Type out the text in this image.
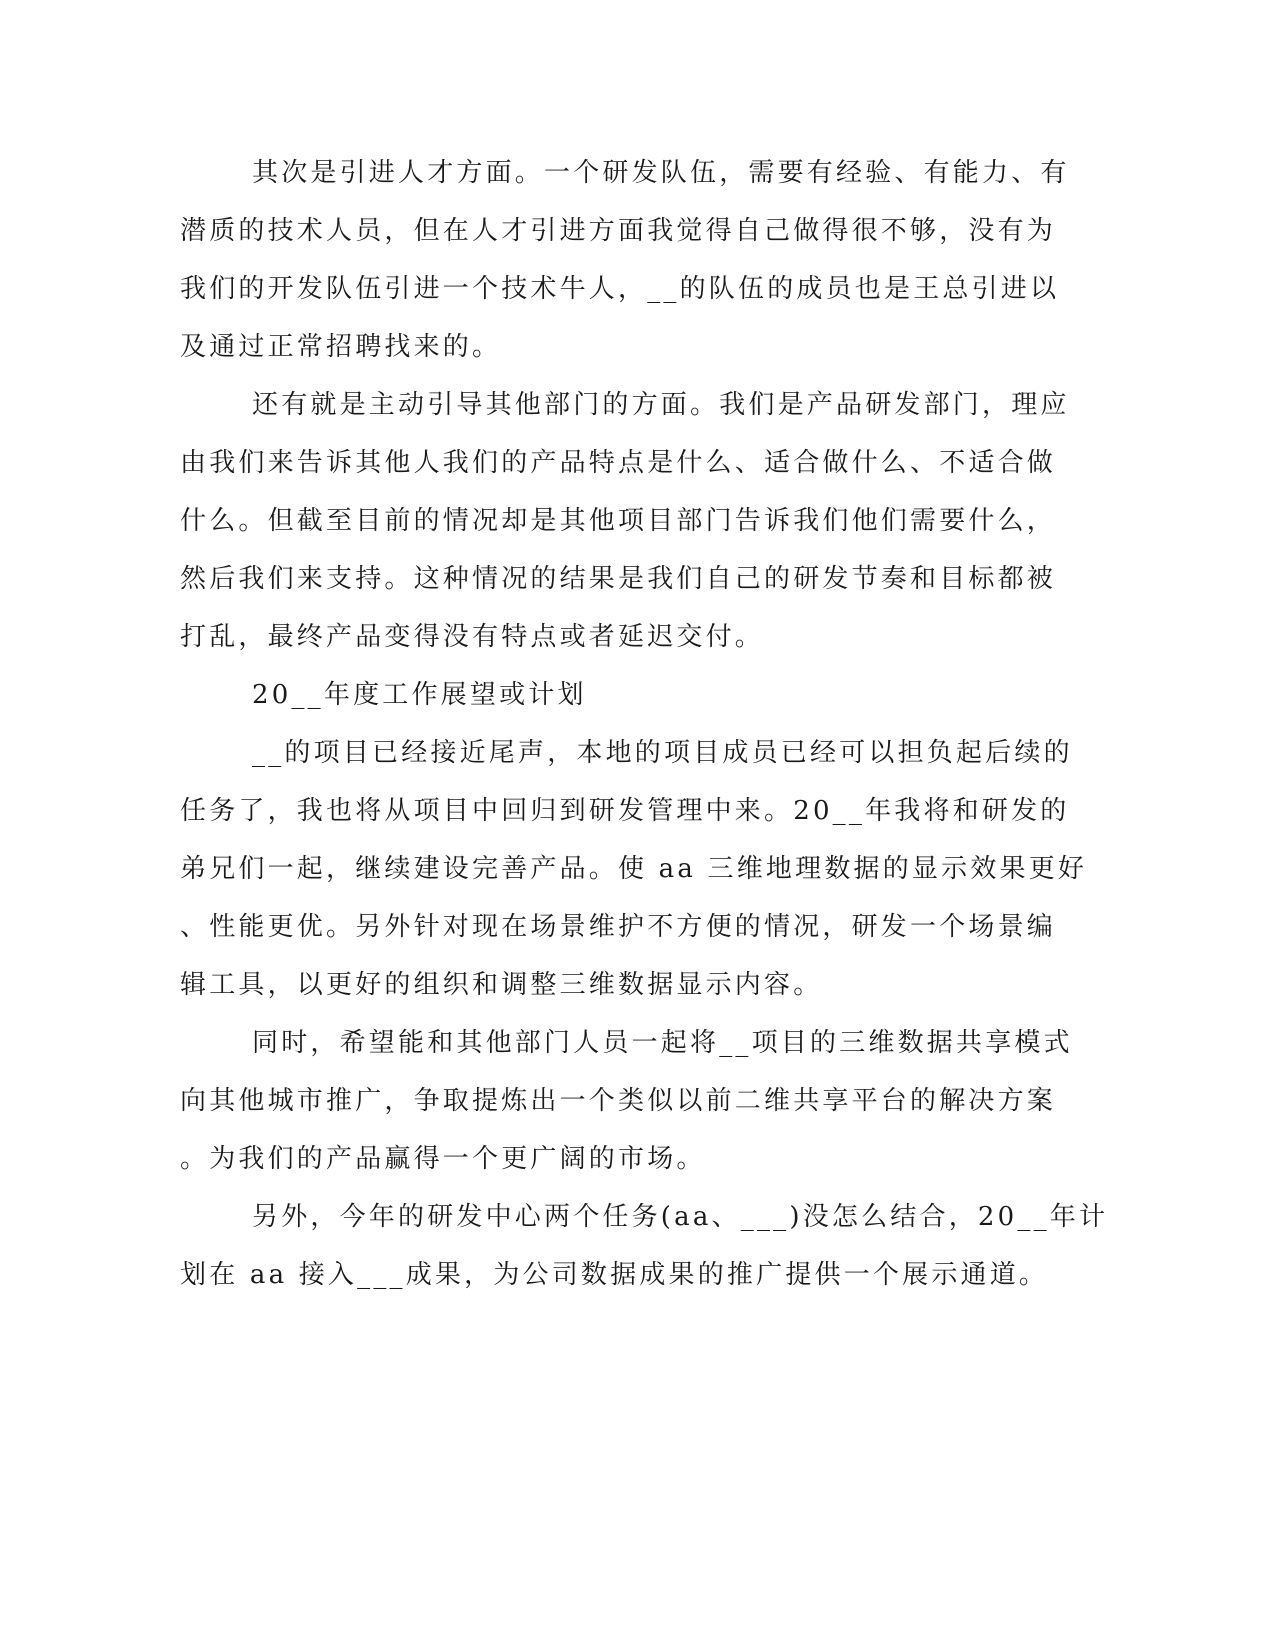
其次是引进人才方面。一个研发队伍，需要有经验、有能力、有
潜质的技术人员，但在人才引进方面我觉得自己做得很不够，没有为
我们的开发队伍引进一个技术牛人，__的队伍的成员也是王总引进以
及通过正常招聘找来的。
还有就是主动引导其他部门的方面。我们是产品研发部门，理应
由我们来告诉其他人我们的产品特点是什么、适合做什么、不适合做
什么。但截至目前的情况却是其他项目部门告诉我们他们需要什么，
然后我们来支持。这种情况的结果是我们自己的研发节奏和目标都被
打乱，最终产品变得没有特点或者延迟交付。
20__年度工作展望或计划
__的项目已经接近尾声，本地的项目成员已经可以担负起后续的
任务了，我也将从项目中回归到研发管理中来。20__年我将和研发的
弟兄们一起，继续建设完善产品。使 aa 三维地理数据的显示效果更好
、性能更优。另外针对现在场景维护不方便的情况，研发一个场景编
辑工具，以更好的组织和调整三维数据显示内容。
同时，希望能和其他部门人员一起将__项目的三维数据共享模式
向其他城市推广，争取提炼出一个类似以前二维共享平台的解决方案
。为我们的产品赢得一个更广阔的市场。
另外，今年的研发中心两个任务(aa、___)没怎么结合，20__年计
划在 aa 接入___成果，为公司数据成果的推广提供一个展示通道。
